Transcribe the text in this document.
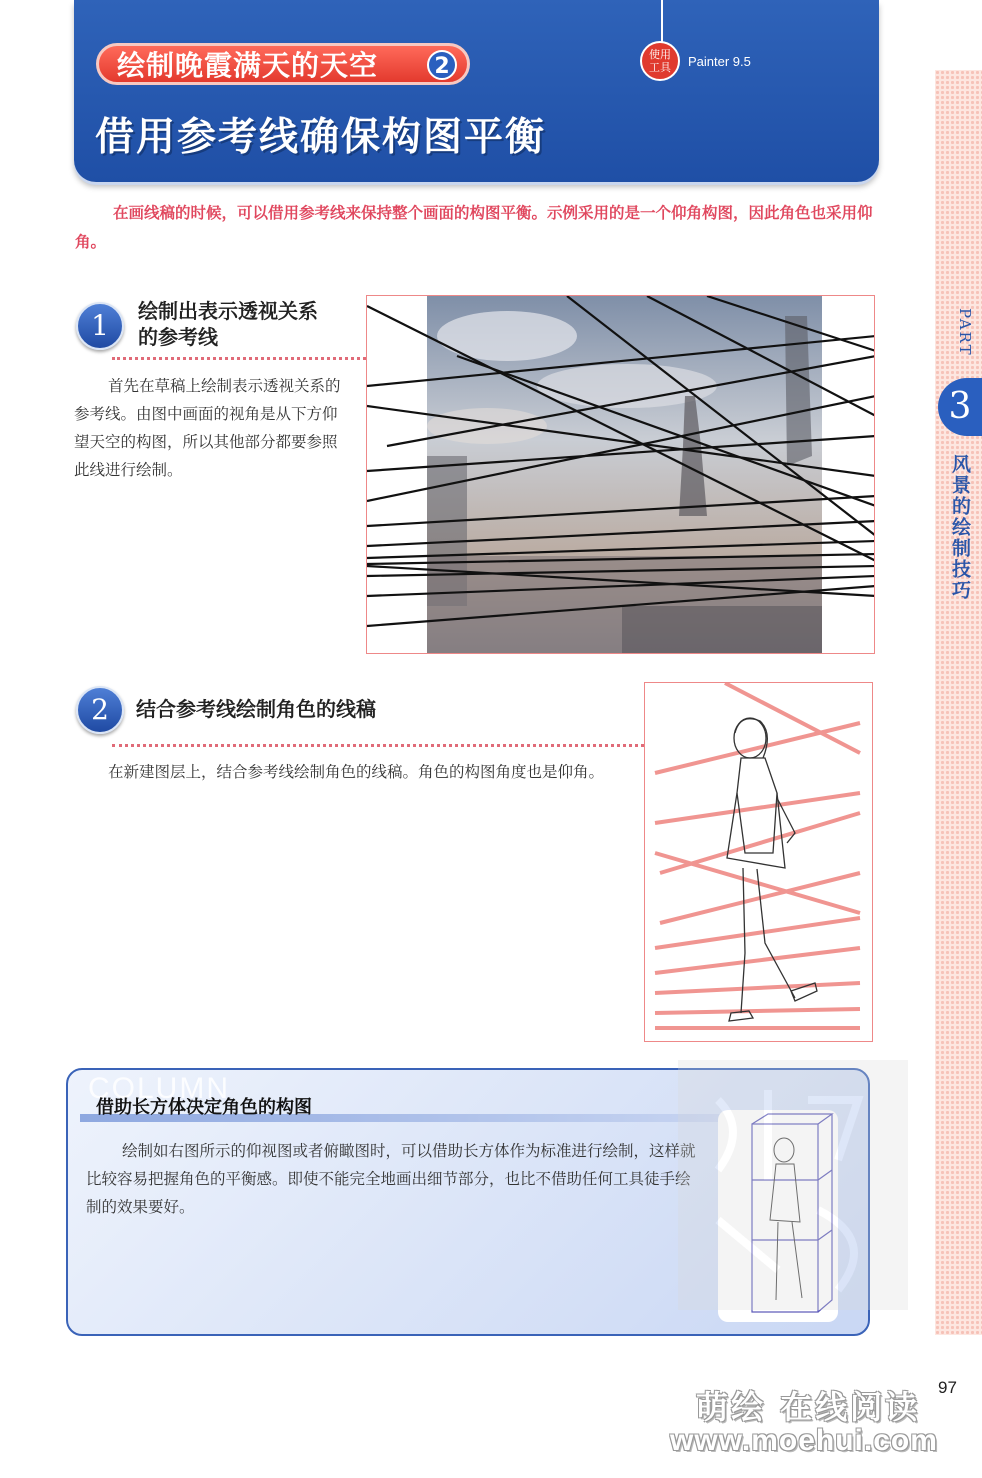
绘制晚霞满天的天空	2	使用
工具	Painter 9.5
借用参考线确保构图平衡
在画线稿的时候，可以借用参考线来保持整个画面的构图平衡。示例采用的是一个仰角构图，因此角色也采用仰角。
1	绘制出表示透视关系
的参考线
首先在草稿上绘制表示透视关系的参考线。由图中画面的视角是从下方仰望天空的构图，所以其他部分都要参照此线进行绘制。
2	结合参考线绘制角色的线稿
在新建图层上，结合参考线绘制角色的线稿。角色的构图角度也是仰角。
COLUMN
借助长方体决定角色的构图
绘制如右图所示的仰视图或者俯瞰图时，可以借助长方体作为标准进行绘制，这样就比较容易把握角色的平衡感。即使不能完全地画出细节部分，也比不借助任何工具徒手绘制的效果要好。
PART
3
风景的绘制技巧
97
萌绘 在线阅读
www.moehui.com
